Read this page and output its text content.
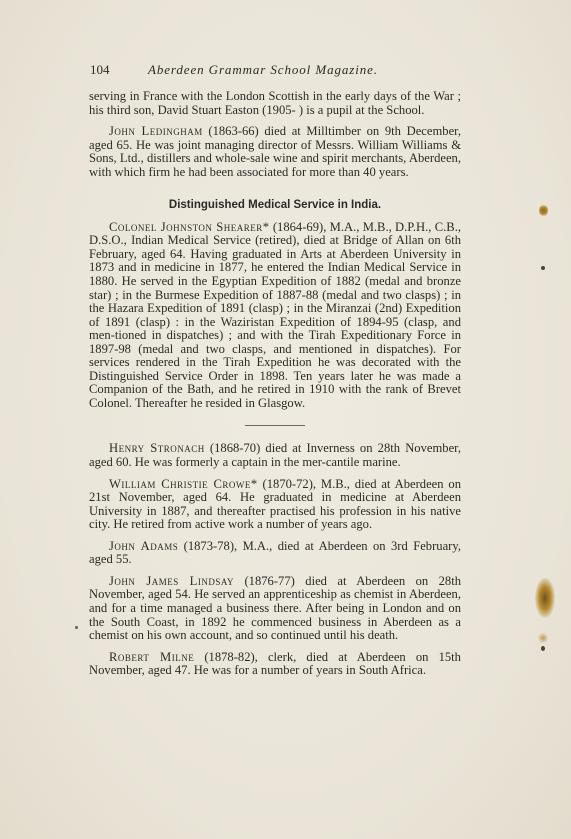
104	Aberdeen Grammar School Magazine.

serving in France with the London Scottish in the early days of the War ; his third son, David Stuart Easton (1905- ) is a pupil at the School.

John Ledingham (1863-66) died at Milltimber on 9th December, aged 65. He was joint managing director of Messrs. William Williams & Sons, Ltd., distillers and whole-sale wine and spirit merchants, Aberdeen, with which firm he had been associated for more than 40 years.

Distinguished Medical Service in India.

Colonel Johnston Shearer* (1864-69), M.A., M.B., D.P.H., C.B., D.S.O., Indian Medical Service (retired), died at Bridge of Allan on 6th February, aged 64. Having graduated in Arts at Aberdeen University in 1873 and in medicine in 1877, he entered the Indian Medical Service in 1880. He served in the Egyptian Expedition of 1882 (medal and bronze star) ; in the Burmese Expedition of 1887-88 (medal and two clasps) ; in the Hazara Expedition of 1891 (clasp) ; in the Miranzai (2nd) Expedition of 1891 (clasp) : in the Waziristan Expedition of 1894-95 (clasp, and men-tioned in dispatches) ; and with the Tirah Expeditionary Force in 1897-98 (medal and two clasps, and mentioned in dispatches). For services rendered in the Tirah Expedition he was decorated with the Distinguished Service Order in 1898. Ten years later he was made a Companion of the Bath, and he retired in 1910 with the rank of Brevet Colonel. Thereafter he resided in Glasgow.

Henry Stronach (1868-70) died at Inverness on 28th November, aged 60. He was formerly a captain in the mer-cantile marine.

William Christie Crowe* (1870-72), M.B., died at Aberdeen on 21st November, aged 64. He graduated in medicine at Aberdeen University in 1887, and thereafter practised his profession in his native city. He retired from active work a number of years ago.

John Adams (1873-78), M.A., died at Aberdeen on 3rd February, aged 55.

John James Lindsay (1876-77) died at Aberdeen on 28th November, aged 54. He served an apprenticeship as chemist in Aberdeen, and for a time managed a business there. After being in London and on the South Coast, in 1892 he commenced business in Aberdeen as a chemist on his own account, and so continued until his death.

Robert Milne (1878-82), clerk, died at Aberdeen on 15th November, aged 47. He was for a number of years in South Africa.
